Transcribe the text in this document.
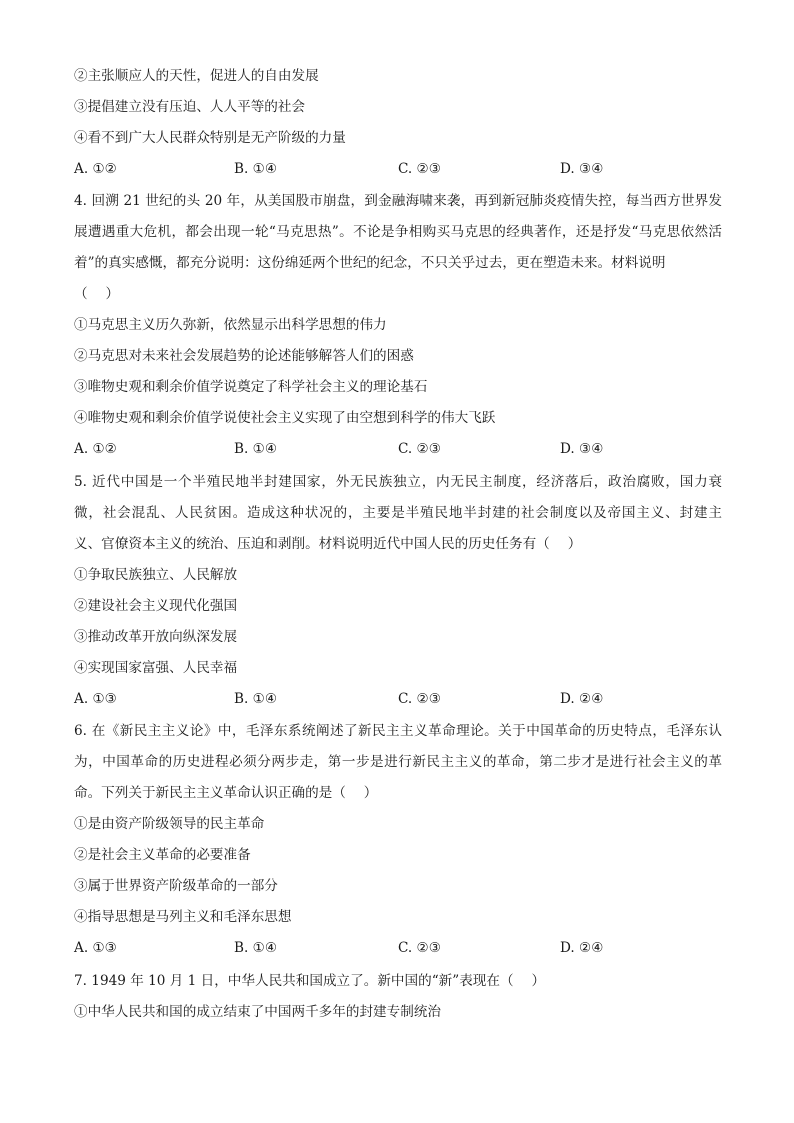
②主张顺应人的天性，促进人的自由发展
③提倡建立没有压迫、人人平等的社会
④看不到广大人民群众特别是无产阶级的力量
A. ①②	B. ①④	C. ②③	D. ③④
4. 回溯 21 世纪的头 20 年，从美国股市崩盘，到金融海啸来袭，再到新冠肺炎疫情失控，每当西方世界发
展遭遇重大危机，都会出现一轮“马克思热”。不论是争相购买马克思的经典著作，还是抒发“马克思依然活
着”的真实感慨，都充分说明：这份绵延两个世纪的纪念，不只关乎过去，更在塑造未来。材料说明
（　 ）
①马克思主义历久弥新，依然显示出科学思想的伟力
②马克思对未来社会发展趋势的论述能够解答人们的困惑
③唯物史观和剩余价值学说奠定了科学社会主义的理论基石
④唯物史观和剩余价值学说使社会主义实现了由空想到科学的伟大飞跃
A. ①②	B. ①④	C. ②③	D. ③④
5. 近代中国是一个半殖民地半封建国家，外无民族独立，内无民主制度，经济落后，政治腐败，国力衰
微，社会混乱、人民贫困。造成这种状况的，主要是半殖民地半封建的社会制度以及帝国主义、封建主
义、官僚资本主义的统治、压迫和剥削。材料说明近代中国人民的历史任务有（　 ）
①争取民族独立、人民解放
②建设社会主义现代化强国
③推动改革开放向纵深发展
④实现国家富强、人民幸福
A. ①③	B. ①④	C. ②③	D. ②④
6. 在《新民主主义论》中，毛泽东系统阐述了新民主主义革命理论。关于中国革命的历史特点，毛泽东认
为，中国革命的历史进程必须分两步走，第一步是进行新民主主义的革命，第二步才是进行社会主义的革
命。下列关于新民主主义革命认识正确的是（　 ）
①是由资产阶级领导的民主革命
②是社会主义革命的必要准备
③属于世界资产阶级革命的一部分
④指导思想是马列主义和毛泽东思想
A. ①③	B. ①④	C. ②③	D. ②④
7. 1949 年 10 月 1 日，中华人民共和国成立了。新中国的“新”表现在（　 ）
①中华人民共和国的成立结束了中国两千多年的封建专制统治
